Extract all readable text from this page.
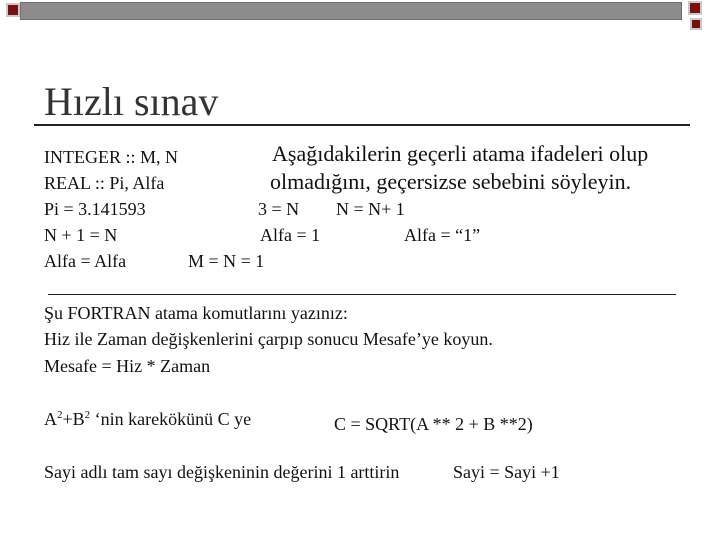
Hızlı sınav
INTEGER :: M, N
REAL :: Pi, Alfa
Pi = 3.141593
N + 1 = N
Alfa = Alfa
Aşağıdakilerin geçerli atama ifadeleri olup
olmadığını, geçersizse sebebini söyleyin.
3 = N N = N+ 1
Alfa = 1	Alfa = “1”
M = N = 1
Şu FORTRAN atama komutlarını yazınız:
Hiz ile Zaman değişkenlerini çarpıp sonucu Mesafe’ye koyun.
Mesafe = Hiz * Zaman
$A^2+B^2$ ‘nin karekökünü C ye	C = SQRT(A ** 2 + B **2)
Sayi adlı tam sayı değişkeninin değerini 1 arttirin	Sayi = Sayi +1
